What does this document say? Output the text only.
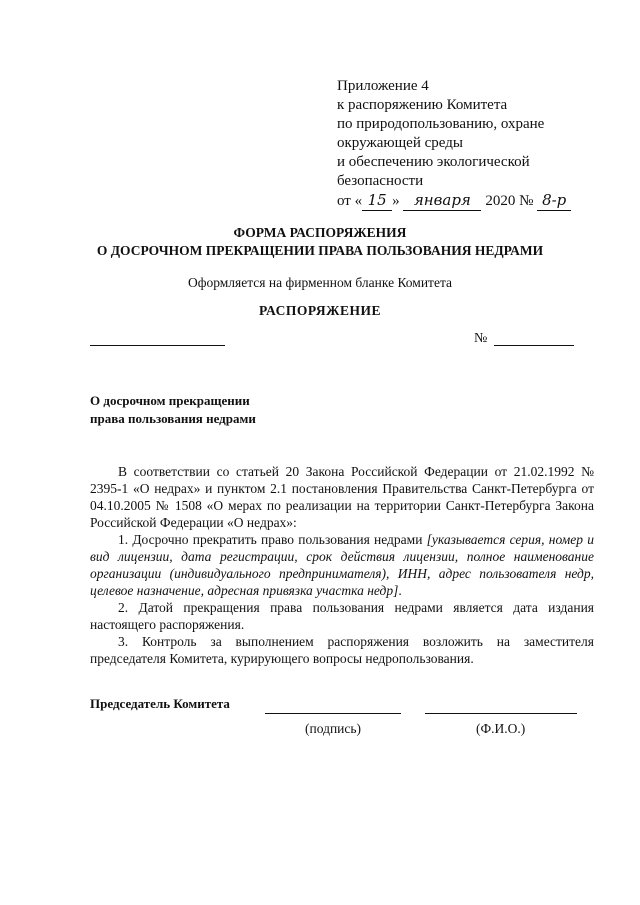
Приложение 4
к распоряжению Комитета
по природопользованию, охране
окружающей среды
и обеспечению экологической
безопасности
от « 15 » января 2020 № 8-р
ФОРМА РАСПОРЯЖЕНИЯ
О ДОСРОЧНОМ ПРЕКРАЩЕНИИ ПРАВА ПОЛЬЗОВАНИЯ НЕДРАМИ
Оформляется на фирменном бланке Комитета
РАСПОРЯЖЕНИЕ
№
О досрочном прекращении
права пользования недрами

В соответствии со статьей 20 Закона Российской Федерации от 21.02.1992 № 2395-1 «О недрах» и пунктом 2.1 постановления Правительства Санкт-Петербурга от 04.10.2005 № 1508 «О мерах по реализации на территории Санкт-Петербурга Закона Российской Федерации «О недрах»:

1. Досрочно прекратить право пользования недрами [указывается серия, номер и вид лицензии, дата регистрации, срок действия лицензии, полное наименование организации (индивидуального предпринимателя), ИНН, адрес пользователя недр, целевое назначение, адресная привязка участка недр].

2. Датой прекращения права пользования недрами является дата издания настоящего распоряжения.

3. Контроль за выполнением распоряжения возложить на заместителя председателя Комитета, курирующего вопросы недропользования.

Председатель Комитета
(подпись)	(Ф.И.О.)
